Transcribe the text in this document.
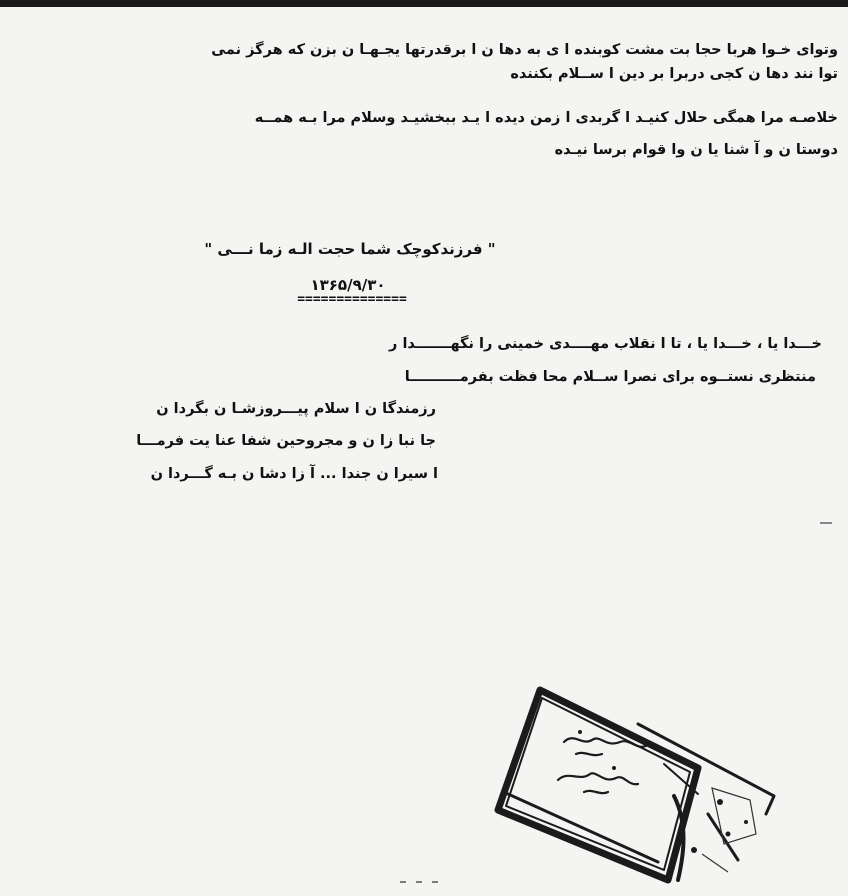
وتوای خـوا هربا حجا بت مشت کوبنده ا ی به دها ن ا برقدرتها یجـهـا ن بزن که هرگز نمی
توا نند دها ن کجی دربرا بر دین ا ســلام بکننده
خلاصـه مرا همگی حلال کنیـد ا گربدی ا زمن دیده ا یـد ببخشیـد وسلام مرا بـه همــه
دوستا ن و آ شنا یا ن وا قوام برسا نیـده
" فرزندکوچک شما حجت الـه زما نـــی "
۱۳۶۵/۹/۳۰
==============
خـــدا یا ، خـــدا یا ، تا ا نقلاب مهــــدی خمینی را نگهـــــــدا ر
منتظری نستــوه برای نصرا ســلام محا فظت بفرمــــــــــا
رزمندگا ن ا سلام پیـــروزشـا ن بگردا ن
جا نبا زا ن و مجروحین شفا عنا یت فرمـــا
ا سیرا ن جندا ... آ زا دشا ن بـه گـــردا ن
